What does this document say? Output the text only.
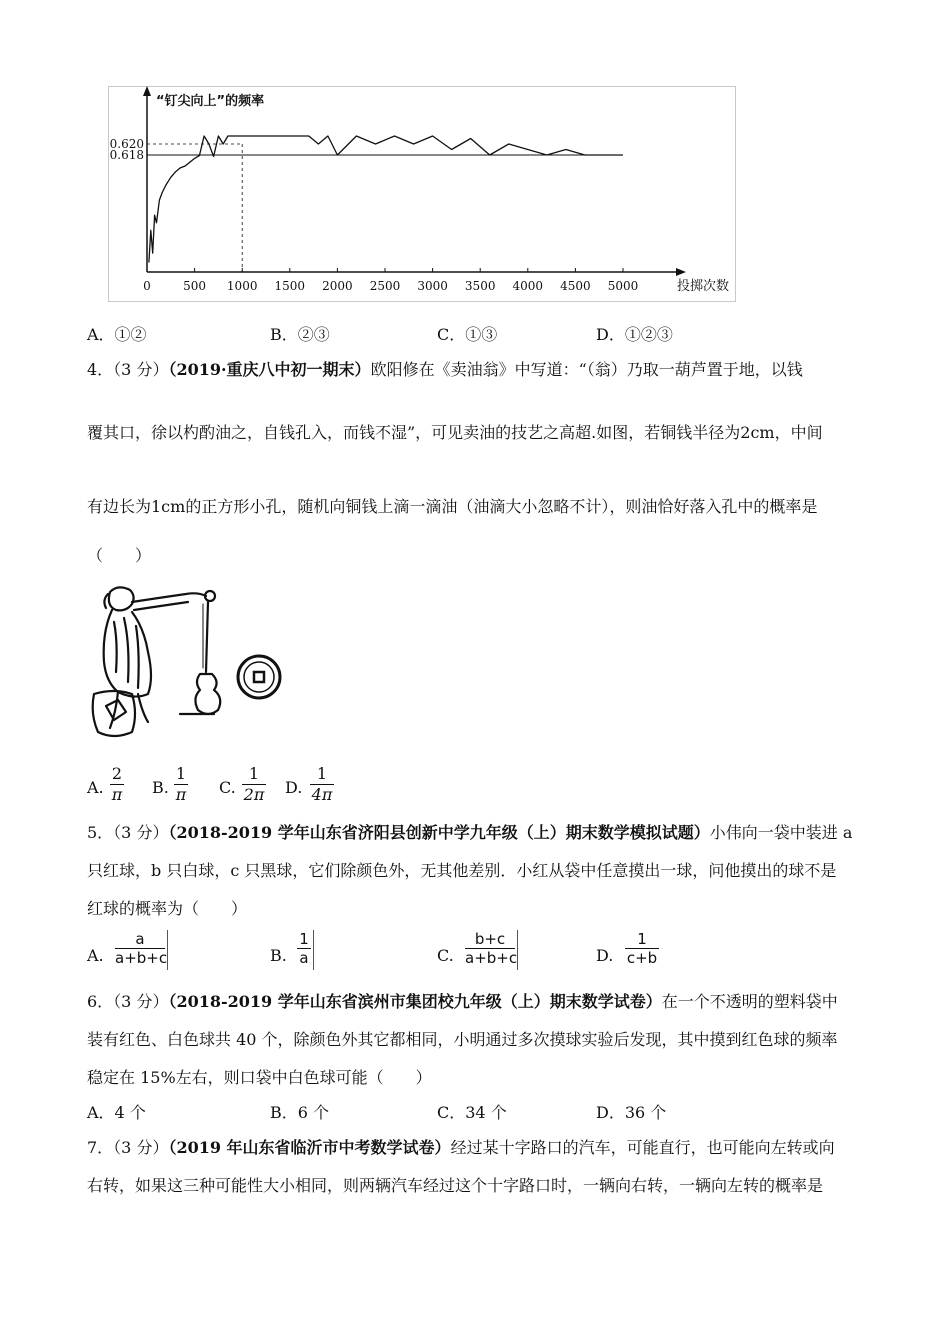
“钉尖向上”的频率
0	500 1000 1500 2000 2500 3000 3500 4000 4500 5000	投掷次数
0.620
0.618
A．①②	B．②③	C．①③	D．①②③
4．（3 分）（2019·重庆八中初一期末）欧阳修在《卖油翁》中写道：“（翁）乃取一葫芦置于地，以钱
覆其口，徐以杓酌油之，自钱孔入，而钱不湿”，可见卖油的技艺之高超.如图，若铜钱半径为2cm，中间
有边长为1cm的正方形小孔，随机向铜钱上滴一滴油（油滴大小忽略不计），则油恰好落入孔中的概率是
（　　）
A.
2
π B.
1
π C.
1
2π D.
1
4π
5．（3 分）（2018-2019 学年山东省济阳县创新中学九年级（上）期末数学模拟试题）小伟向一袋中装进 a
只红球，b 只白球，c 只黑球，它们除颜色外，无其他差别．小红从袋中任意摸出一球，问他摸出的球不是
红球的概率为（　　）
A.
a
a+b+c	B.
1
a	C.
b+c
a+b+c	D.
1
c+b
6．（3 分）（2018-2019 学年山东省滨州市集团校九年级（上）期末数学试卷）在一个不透明的塑料袋中
装有红色、白色球共 40 个，除颜色外其它都相同，小明通过多次摸球实验后发现，其中摸到红色球的频率
稳定在 15%左右，则口袋中白色球可能（　　）
A．4 个	B．6 个	C．34 个	D．36 个
7．（3 分）（2019 年山东省临沂市中考数学试卷）经过某十字路口的汽车，可能直行，也可能向左转或向
右转，如果这三种可能性大小相同，则两辆汽车经过这个十字路口时，一辆向右转，一辆向左转的概率是
